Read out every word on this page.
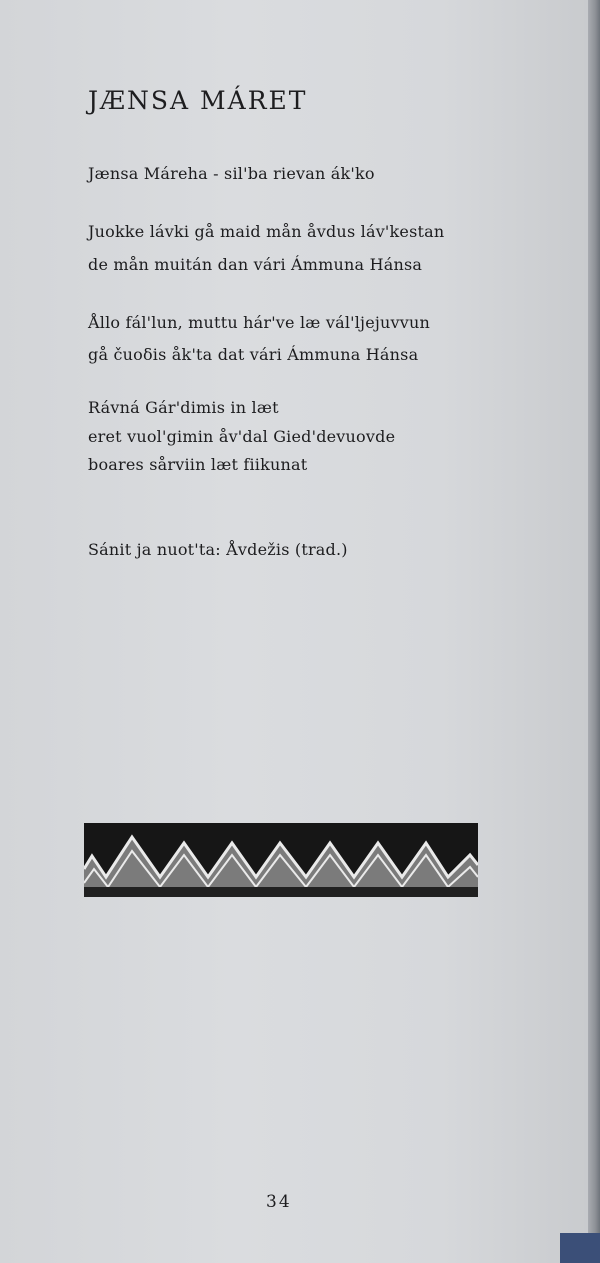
JÆNSA MÁRET
Jænsa Máreha - sil'ba rievan ák'ko
Juokke lávki gå maid mån åvdus láv'kestan
de mån muitán dan vári Ámmuna Hánsa
Ållo fál'lun, muttu hár've læ vál'ljejuvvun
gå čuoδis åk'ta dat vári Ámmuna Hánsa
Rávná Gár'dimis in læt
eret vuol'gimin åv'dal Gied'devuovde
boares sårviin læt fiikunat
Sánit ja nuot'ta: Åvdežis (trad.)
34
